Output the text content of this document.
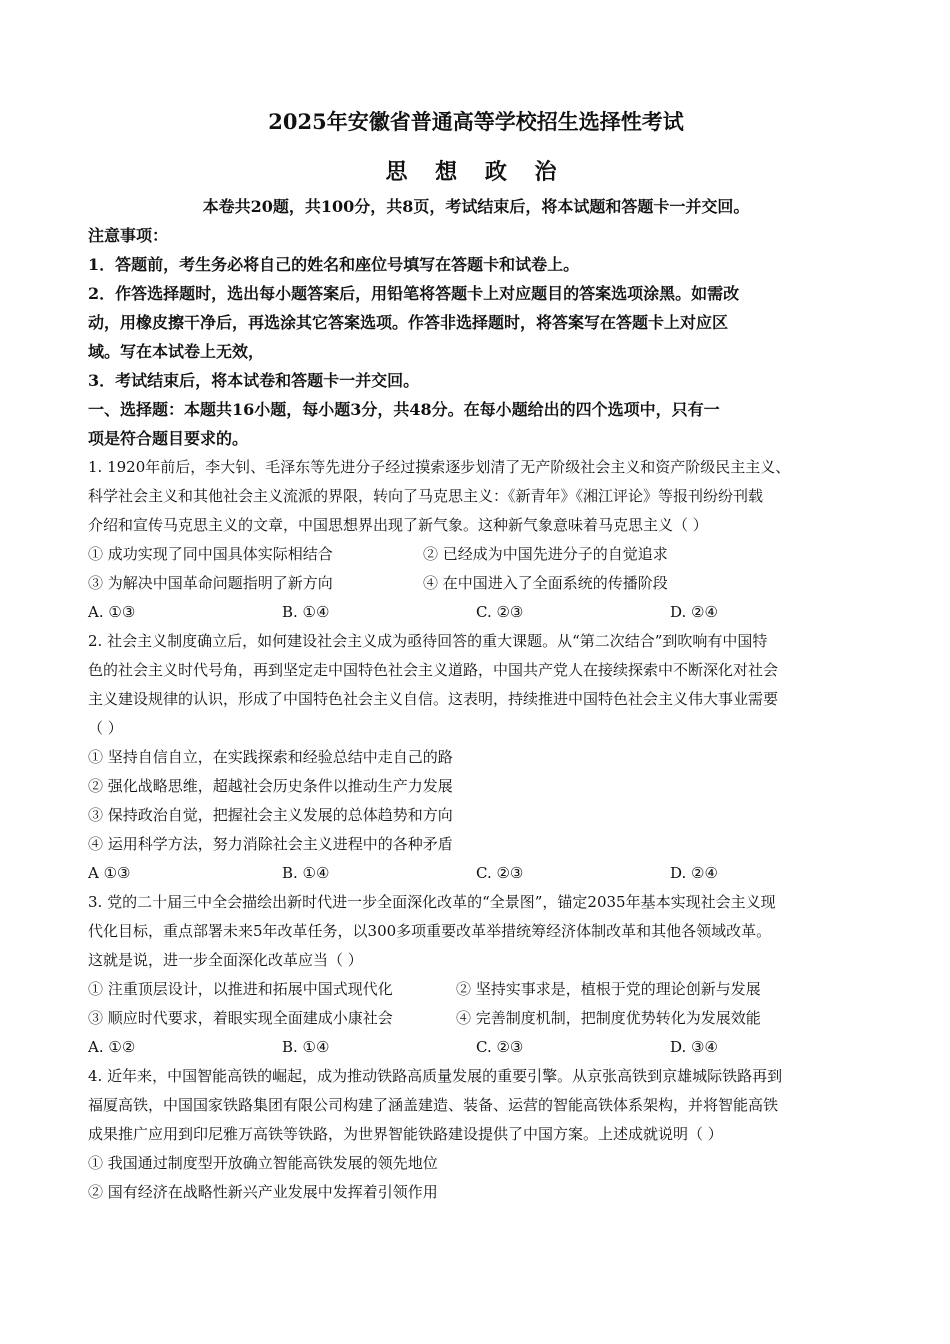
2025年安徽省普通高等学校招生选择性考试
思 想 政 治
本卷共20题，共100分，共8页，考试结束后，将本试题和答题卡一并交回。
注意事项：
1．答题前，考生务必将自己的姓名和座位号填写在答题卡和试卷上。
2．作答选择题时，选出每小题答案后，用铅笔将答题卡上对应题目的答案选项涂黑。如需改
动，用橡皮擦干净后，再选涂其它答案选项。作答非选择题时，将答案写在答题卡上对应区
域。写在本试卷上无效，
3．考试结束后，将本试卷和答题卡一并交回。
一、选择题：本题共16小题，每小题3分，共48分。在每小题给出的四个选项中，只有一
项是符合题目要求的。
1. 1920年前后，李大钊、毛泽东等先进分子经过摸索逐步划清了无产阶级社会主义和资产阶级民主主义、
科学社会主义和其他社会主义流派的界限，转向了马克思主义：《新青年》《湘江评论》等报刊纷纷刊载
介绍和宣传马克思主义的文章，中国思想界出现了新气象。这种新气象意味着马克思主义（ ）
① 成功实现了同中国具体实际相结合	② 已经成为中国先进分子的自觉追求
③ 为解决中国革命问题指明了新方向	④ 在中国进入了全面系统的传播阶段
A. ①③	B. ①④	C. ②③	D. ②④
2. 社会主义制度确立后，如何建设社会主义成为亟待回答的重大课题。从“第二次结合”到吹响有中国特
色的社会主义时代号角，再到坚定走中国特色社会主义道路，中国共产党人在接续探索中不断深化对社会
主义建设规律的认识，形成了中国特色社会主义自信。这表明，持续推进中国特色社会主义伟大事业需要
（ ）
① 坚持自信自立，在实践探索和经验总结中走自己的路
② 强化战略思维，超越社会历史条件以推动生产力发展
③ 保持政治自觉，把握社会主义发展的总体趋势和方向
④ 运用科学方法，努力消除社会主义进程中的各种矛盾
A ①③	B. ①④	C. ②③	D. ②④
3. 党的二十届三中全会描绘出新时代进一步全面深化改革的“全景图”，锚定2035年基本实现社会主义现
代化目标，重点部署未来5年改革任务，以300多项重要改革举措统筹经济体制改革和其他各领域改革。
这就是说，进一步全面深化改革应当（ ）
① 注重顶层设计，以推进和拓展中国式现代化	② 坚持实事求是，植根于党的理论创新与发展
③ 顺应时代要求，着眼实现全面建成小康社会	④ 完善制度机制，把制度优势转化为发展效能
A. ①②	B. ①④	C. ②③	D. ③④
4. 近年来，中国智能高铁的崛起，成为推动铁路高质量发展的重要引擎。从京张高铁到京雄城际铁路再到
福厦高铁，中国国家铁路集团有限公司构建了涵盖建造、装备、运营的智能高铁体系架构，并将智能高铁
成果推广应用到印尼雅万高铁等铁路，为世界智能铁路建设提供了中国方案。上述成就说明（ ）
① 我国通过制度型开放确立智能高铁发展的领先地位
② 国有经济在战略性新兴产业发展中发挥着引领作用
